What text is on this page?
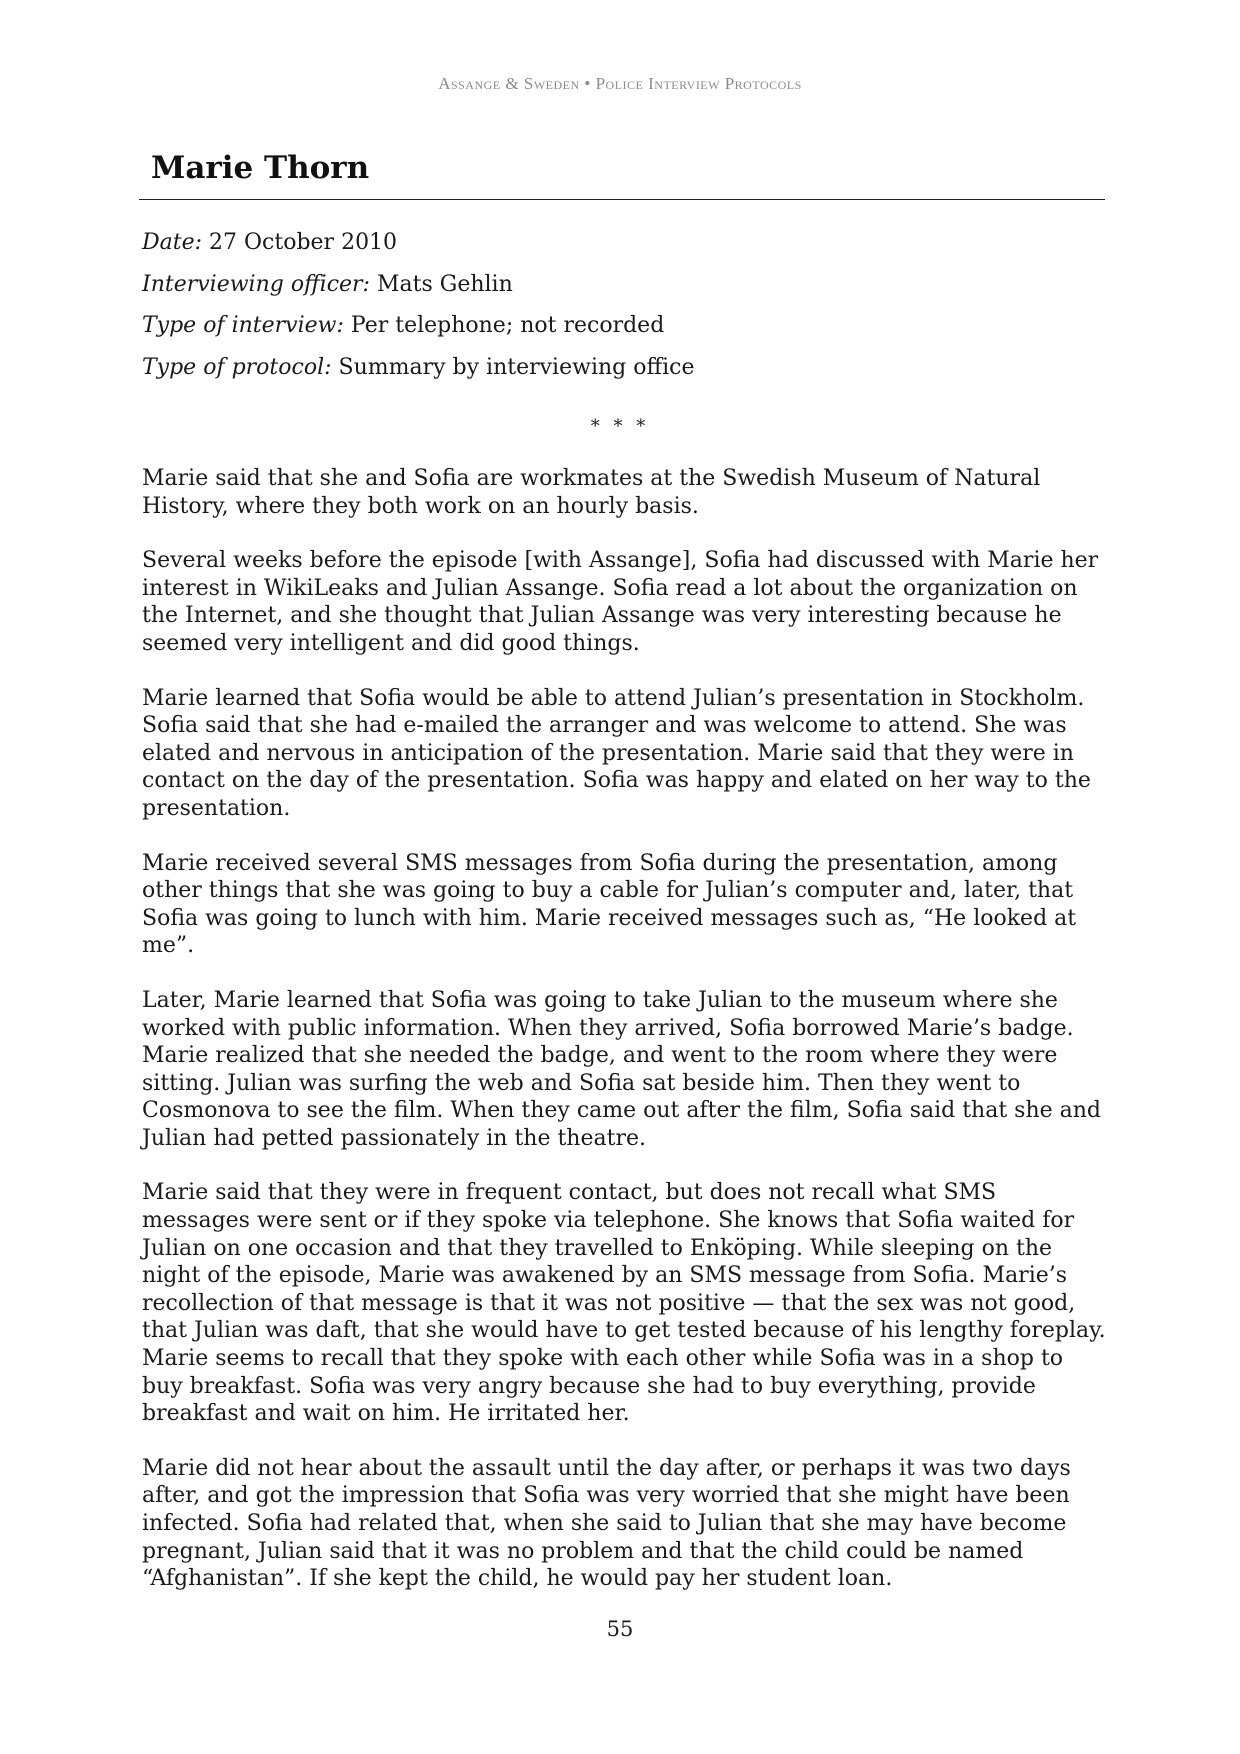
Assange & Sweden • Police Interview Protocols
Marie Thorn
Date: 27 October 2010
Interviewing officer: Mats Gehlin
Type of interview: Per telephone; not recorded
Type of protocol: Summary by interviewing office
* * *

Marie said that she and Sofia are workmates at the Swedish Museum of Natural History, where they both work on an hourly basis.

Several weeks before the episode [with Assange], Sofia had discussed with Marie her interest in WikiLeaks and Julian Assange. Sofia read a lot about the organization on the Internet, and she thought that Julian Assange was very interesting because he seemed very intelligent and did good things.

Marie learned that Sofia would be able to attend Julian’s presentation in Stockholm. Sofia said that she had e-mailed the arranger and was welcome to attend. She was elated and nervous in anticipation of the presentation. Marie said that they were in contact on the day of the presentation. Sofia was happy and elated on her way to the presentation.

Marie received several SMS messages from Sofia during the presentation, among other things that she was going to buy a cable for Julian’s computer and, later, that Sofia was going to lunch with him. Marie received messages such as, “He looked at me”.

Later, Marie learned that Sofia was going to take Julian to the museum where she worked with public information. When they arrived, Sofia borrowed Marie’s badge. Marie realized that she needed the badge, and went to the room where they were sitting. Julian was surfing the web and Sofia sat beside him. Then they went to Cosmonova to see the film. When they came out after the film, Sofia said that she and Julian had petted passionately in the theatre.

Marie said that they were in frequent contact, but does not recall what SMS messages were sent or if they spoke via telephone. She knows that Sofia waited for Julian on one occasion and that they travelled to Enköping. While sleeping on the night of the episode, Marie was awakened by an SMS message from Sofia. Marie’s recollection of that message is that it was not positive — that the sex was not good, that Julian was daft, that she would have to get tested because of his lengthy foreplay. Marie seems to recall that they spoke with each other while Sofia was in a shop to buy breakfast. Sofia was very angry because she had to buy everything, provide breakfast and wait on him. He irritated her.

Marie did not hear about the assault until the day after, or perhaps it was two days after, and got the impression that Sofia was very worried that she might have been infected. Sofia had related that, when she said to Julian that she may have become pregnant, Julian said that it was no problem and that the child could be named “Afghanistan”. If she kept the child, he would pay her student loan.

55
